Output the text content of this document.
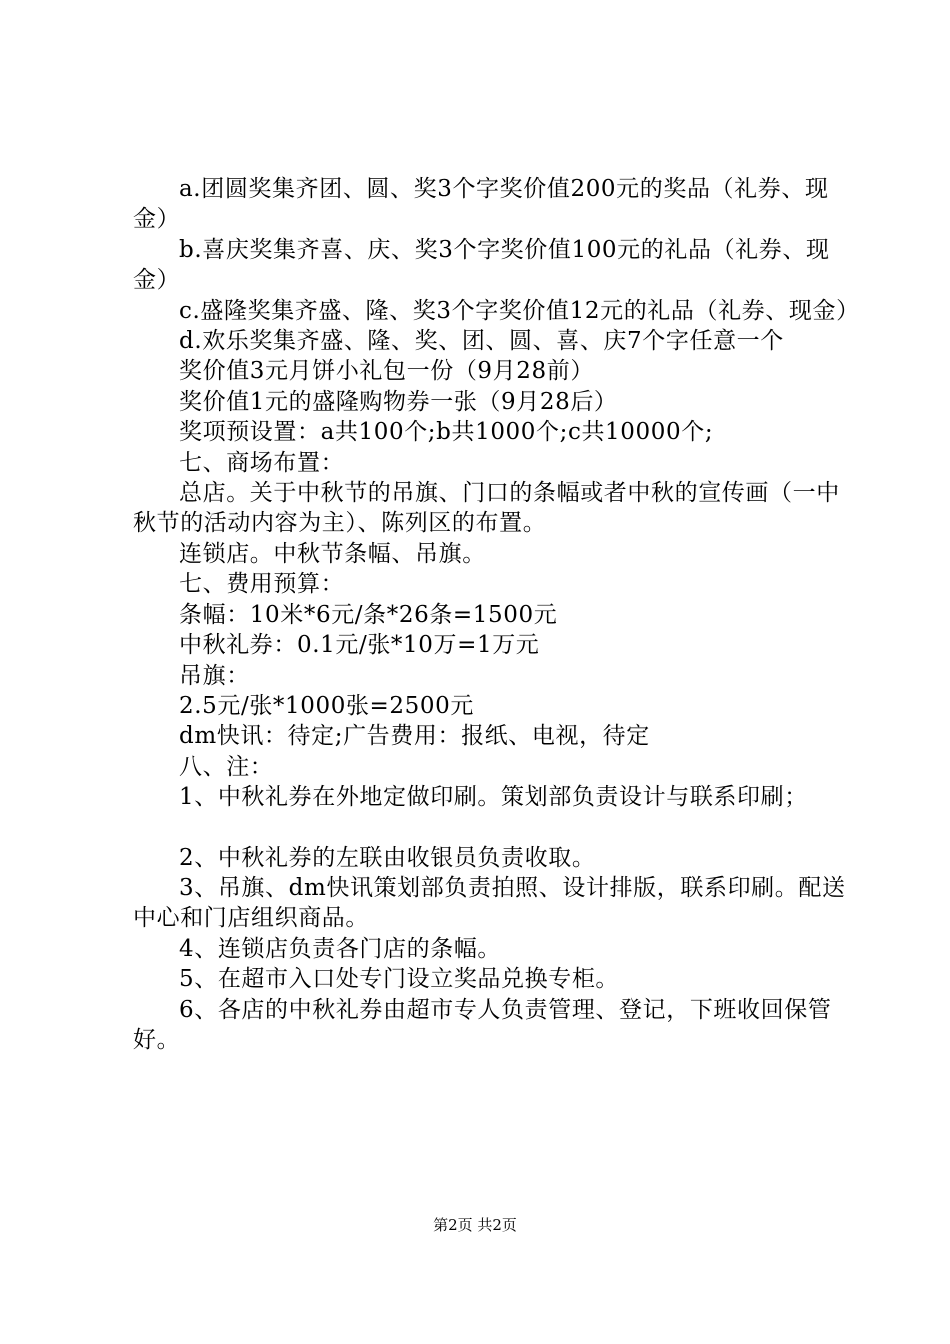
a.团圆奖集齐团、圆、奖3个字奖价值200元的奖品（礼券、现金）

b.喜庆奖集齐喜、庆、奖3个字奖价值100元的礼品（礼券、现金）

c.盛隆奖集齐盛、隆、奖3个字奖价值12元的礼品（礼券、现金）

d.欢乐奖集齐盛、隆、奖、团、圆、喜、庆7个字任意一个

奖价值3元月饼小礼包一份（9月28前）

奖价值1元的盛隆购物券一张（9月28后）

奖项预设置：a共100个;b共1000个;c共10000个;

七、商场布置：

总店。关于中秋节的吊旗、门口的条幅或者中秋的宣传画（一中秋节的活动内容为主）、陈列区的布置。

连锁店。中秋节条幅、吊旗。

七、费用预算：

条幅：10米*6元/条*26条=1500元

中秋礼券：0.1元/张*10万=1万元

吊旗：

2.5元/张*1000张=2500元

dm快讯：待定;广告费用：报纸、电视，待定

八、注：

1、中秋礼券在外地定做印刷。策划部负责设计与联系印刷；

2、中秋礼券的左联由收银员负责收取。

3、吊旗、dm快讯策划部负责拍照、设计排版，联系印刷。配送中心和门店组织商品。

4、连锁店负责各门店的条幅。

5、在超市入口处专门设立奖品兑换专柜。

6、各店的中秋礼券由超市专人负责管理、登记，下班收回保管好。

第2页 共2页
